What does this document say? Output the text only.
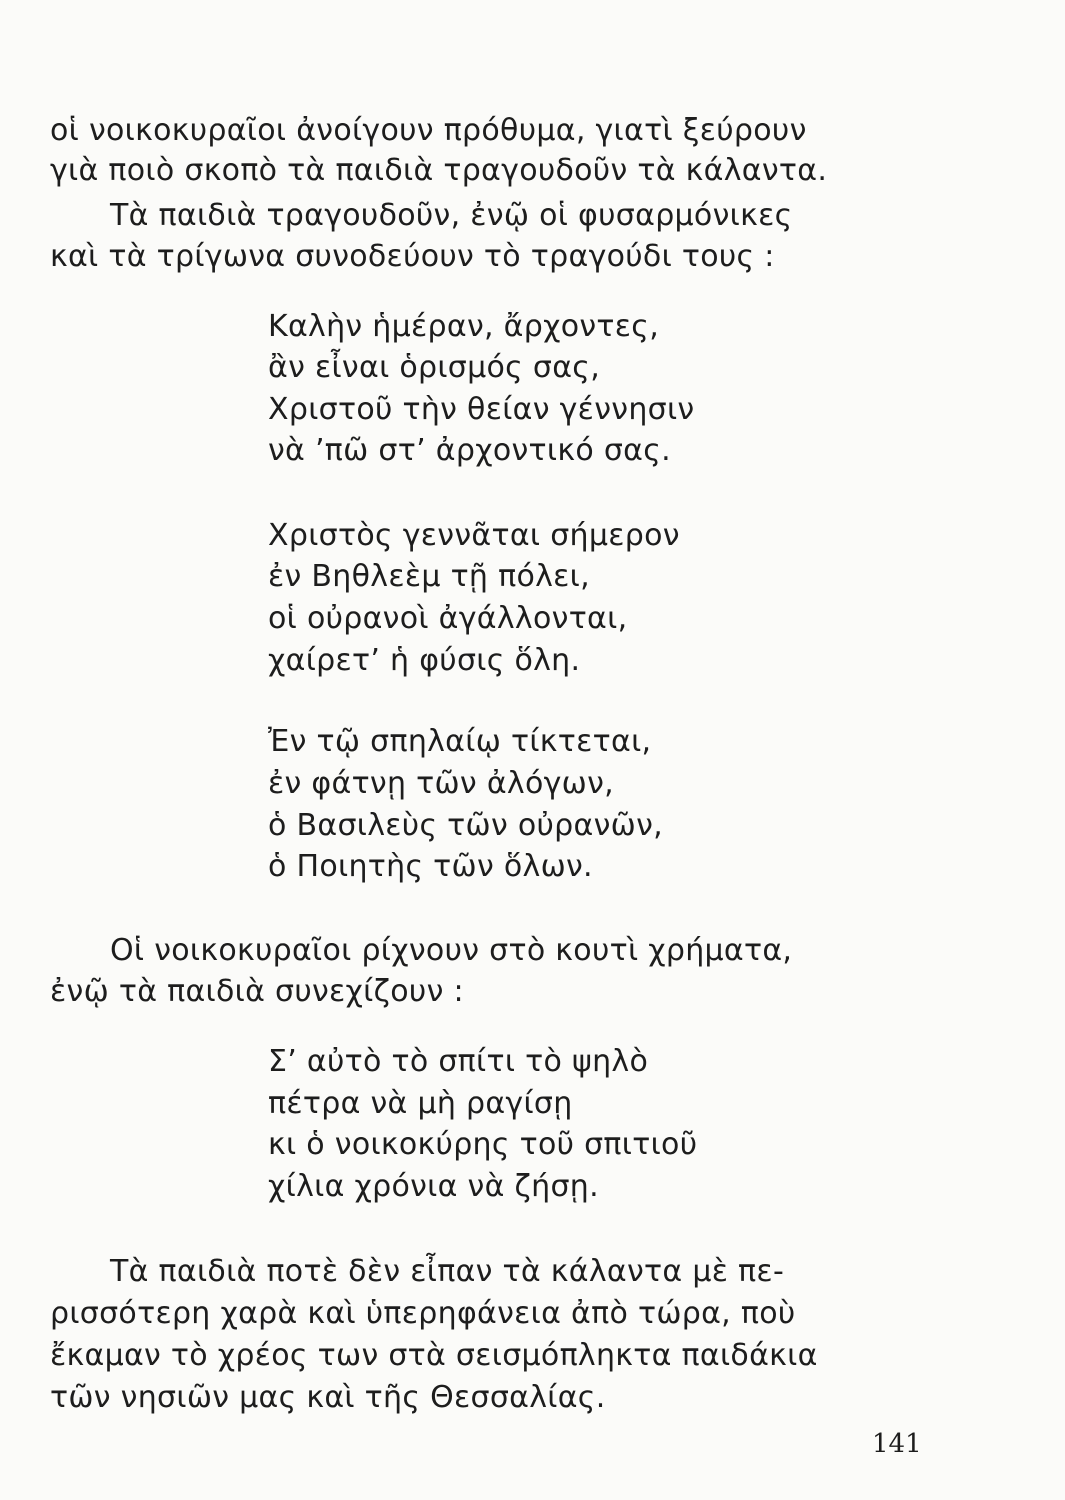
οἱ νοικοκυραῖοι ἀνοίγουν πρόθυμα, γιατὶ ξεύρουν
γιὰ ποιὸ σκοπὸ τὰ παιδιὰ τραγουδοῦν τὰ κάλαντα.
Τὰ παιδιὰ τραγουδοῦν, ἐνῷ οἱ φυσαρμόνικες
καὶ τὰ τρίγωνα συνοδεύουν τὸ τραγούδι τους :
Καλὴν ἡμέραν, ἄρχοντες,
ἂν εἶναι ὁρισμός σας,
Χριστοῦ τὴν θείαν γέννησιν
νὰ ’πῶ στ’ ἀρχοντικό σας.
Χριστὸς γεννᾶται σήμερον
ἐν Βηθλεὲμ τῇ πόλει,
οἱ οὐρανοὶ ἀγάλλονται,
χαίρετ’ ἡ φύσις ὅλη.
Ἐν τῷ σπηλαίῳ τίκτεται,
ἐν φάτνῃ τῶν ἀλόγων,
ὁ Βασιλεὺς τῶν οὐρανῶν,
ὁ Ποιητὴς τῶν ὅλων.
Οἱ νοικοκυραῖοι ρίχνουν στὸ κουτὶ χρήματα,
ἐνῷ τὰ παιδιὰ συνεχίζουν :
Σ’ αὐτὸ τὸ σπίτι τὸ ψηλὸ
πέτρα νὰ μὴ ραγίσῃ
κι ὁ νοικοκύρης τοῦ σπιτιοῦ
χίλια χρόνια νὰ ζήσῃ.
Τὰ παιδιὰ ποτὲ δὲν εἶπαν τὰ κάλαντα μὲ πε-
ρισσότερη χαρὰ καὶ ὑπερηφάνεια ἀπὸ τώρα, ποὺ
ἔκαμαν τὸ χρέος των στὰ σεισμόπληκτα παιδάκια
τῶν νησιῶν μας καὶ τῆς Θεσσαλίας.
141
